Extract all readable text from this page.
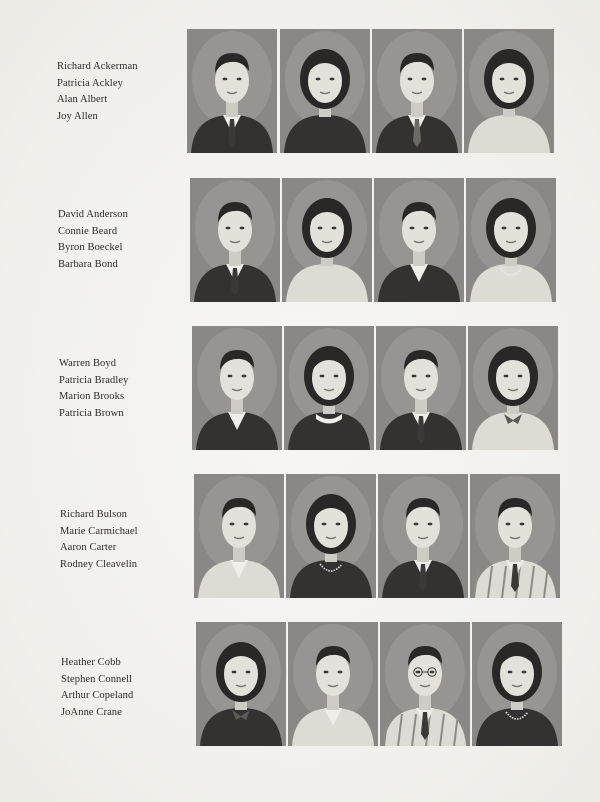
Richard Ackerman
Patricia Ackley
Alan Albert
Joy Allen
David Anderson
Connie Beard
Byron Boeckel
Barbara Bond
Warren Boyd
Patricia Bradley
Marion Brooks
Patricia Brown
Richard Bulson
Marie Carmichael
Aaron Carter
Rodney Cleavelin
Heather Cobb
Stephen Connell
Arthur Copeland
JoAnne Crane
